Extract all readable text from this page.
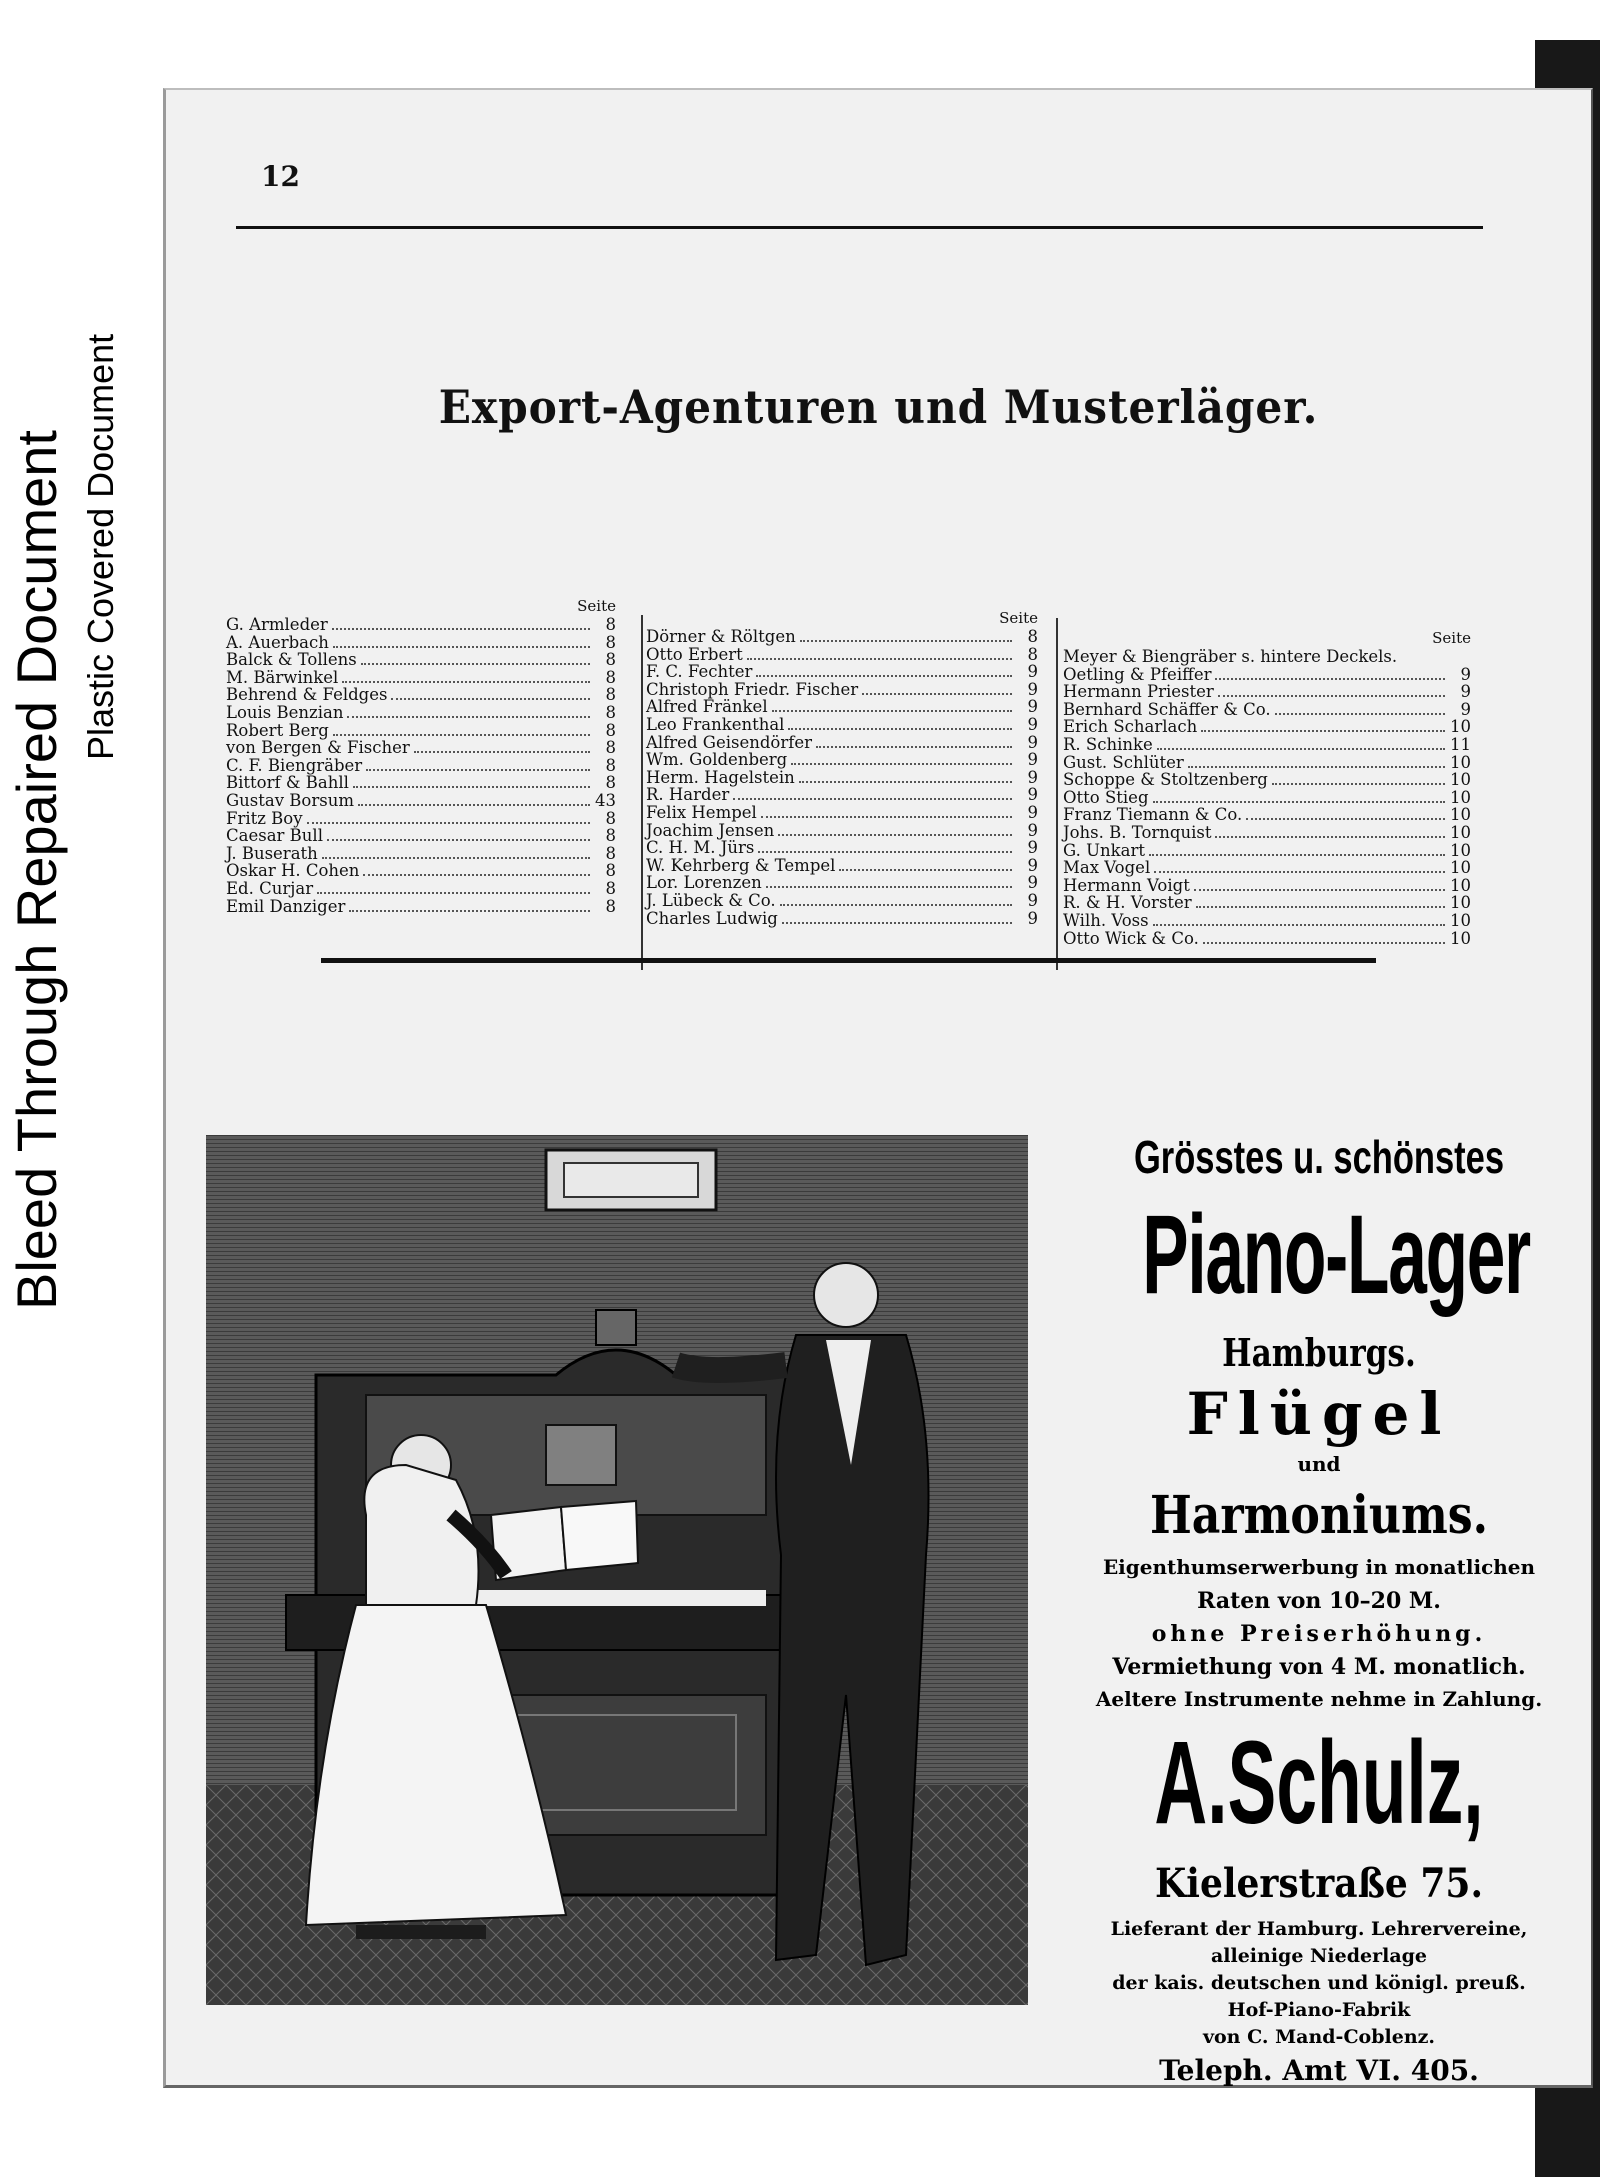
Bleed Through Repaired Document Plastic Covered Document
12
Export-Agenturen und Musterläger.
Seite
G. Armleder	8
A. Auerbach	8
Balck & Tollens	8
M. Bärwinkel	8
Behrend & Feldges	8
Louis Benzian	8
Robert Berg	8
von Bergen & Fischer	8
C. F. Biengräber	8
Bittorf & Bahll	8
Gustav Borsum	43
Fritz Boy	8
Caesar Bull	8
J. Buserath	8
Oskar H. Cohen	8
Ed. Curjar	8
Emil Danziger	8
Seite
Dörner & Röltgen	8
Otto Erbert	8
F. C. Fechter	9
Christoph Friedr. Fischer	9
Alfred Fränkel	9
Leo Frankenthal	9
Alfred Geisendörfer	9
Wm. Goldenberg	9
Herm. Hagelstein	9
R. Harder	9
Felix Hempel	9
Joachim Jensen	9
C. H. M. Jürs	9
W. Kehrberg & Tempel	9
Lor. Lorenzen	9
J. Lübeck & Co.	9
Charles Ludwig	9
Seite
Meyer & Biengräber s. hintere Deckels.
Oetling & Pfeiffer	9
Hermann Priester	9
Bernhard Schäffer & Co.	9
Erich Scharlach	10
R. Schinke	11
Gust. Schlüter	10
Schoppe & Stoltzenberg	10
Otto Stieg	10
Franz Tiemann & Co.	10
Johs. B. Tornquist	10
G. Unkart	10
Max Vogel	10
Hermann Voigt	10
R. & H. Vorster	10
Wilh. Voss	10
Otto Wick & Co.	10
Grösstes u. schönstes
Piano-Lager
Hamburgs.
Flügel
und
Harmoniums.
Eigenthumserwerbung in monatlichen
Raten von 10–20 M.
ohne Preiserhöhung.
Vermiethung von 4 M. monatlich.
Aeltere Instrumente nehme in Zahlung.
A.Schulz,
Kielerstraße 75.
Lieferant der Hamburg. Lehrervereine,
alleinige Niederlage
der kais. deutschen und königl. preuß.
Hof-Piano-Fabrik
von C. Mand-Coblenz.
Teleph. Amt VI. 405.
